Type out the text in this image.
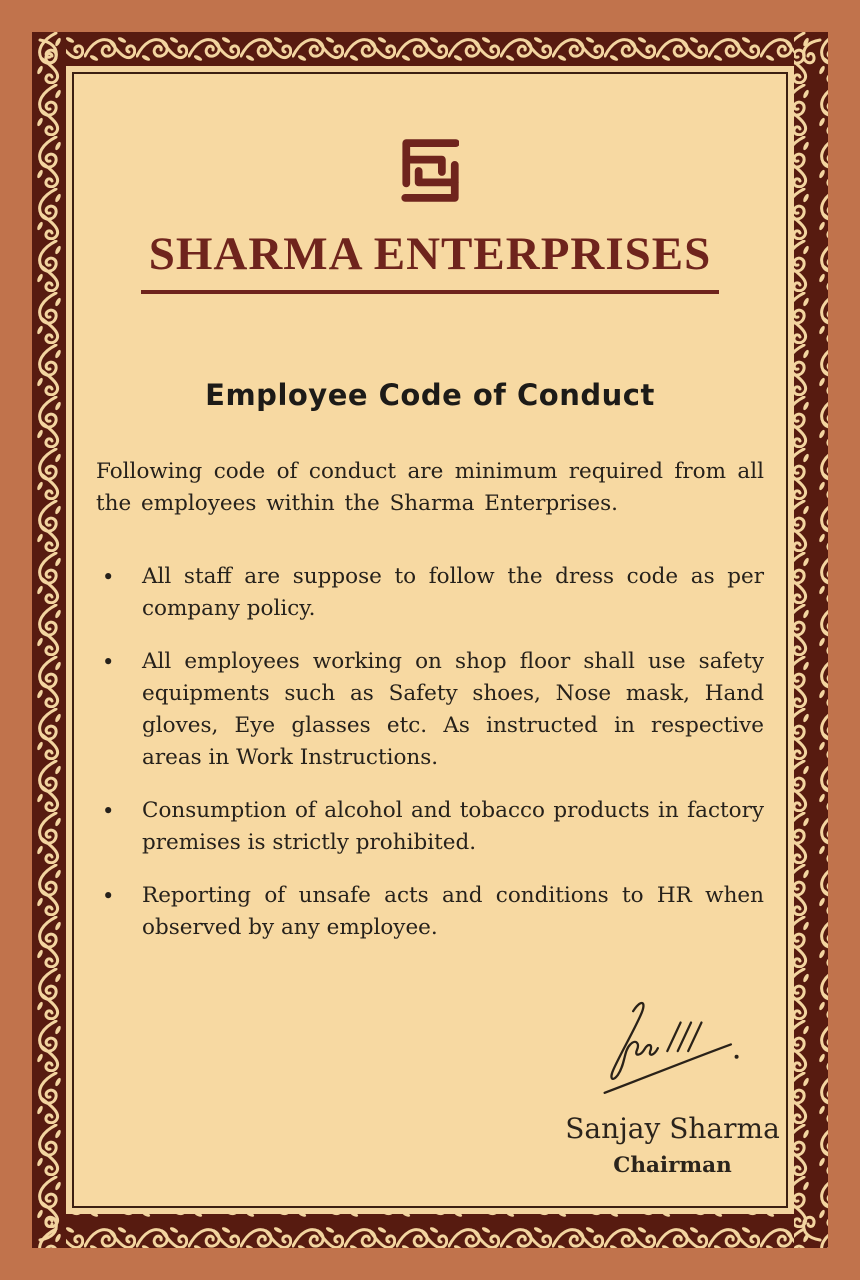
SHARMA ENTERPRISES
Employee Code of Conduct

Following code of conduct are minimum required from all the employees within the Sharma Enterprises.

•	All staff are suppose to follow the dress code as per company policy.

•	All employees working on shop floor shall use safety equipments such as Safety shoes, Nose mask, Hand gloves, Eye glasses etc. As instructed in respective areas in Work Instructions.

•	Consumption of alcohol and tobacco products in factory premises is strictly prohibited.

•	Reporting of unsafe acts and conditions to HR when observed by any employee.

Sanjay Sharma
Chairman
